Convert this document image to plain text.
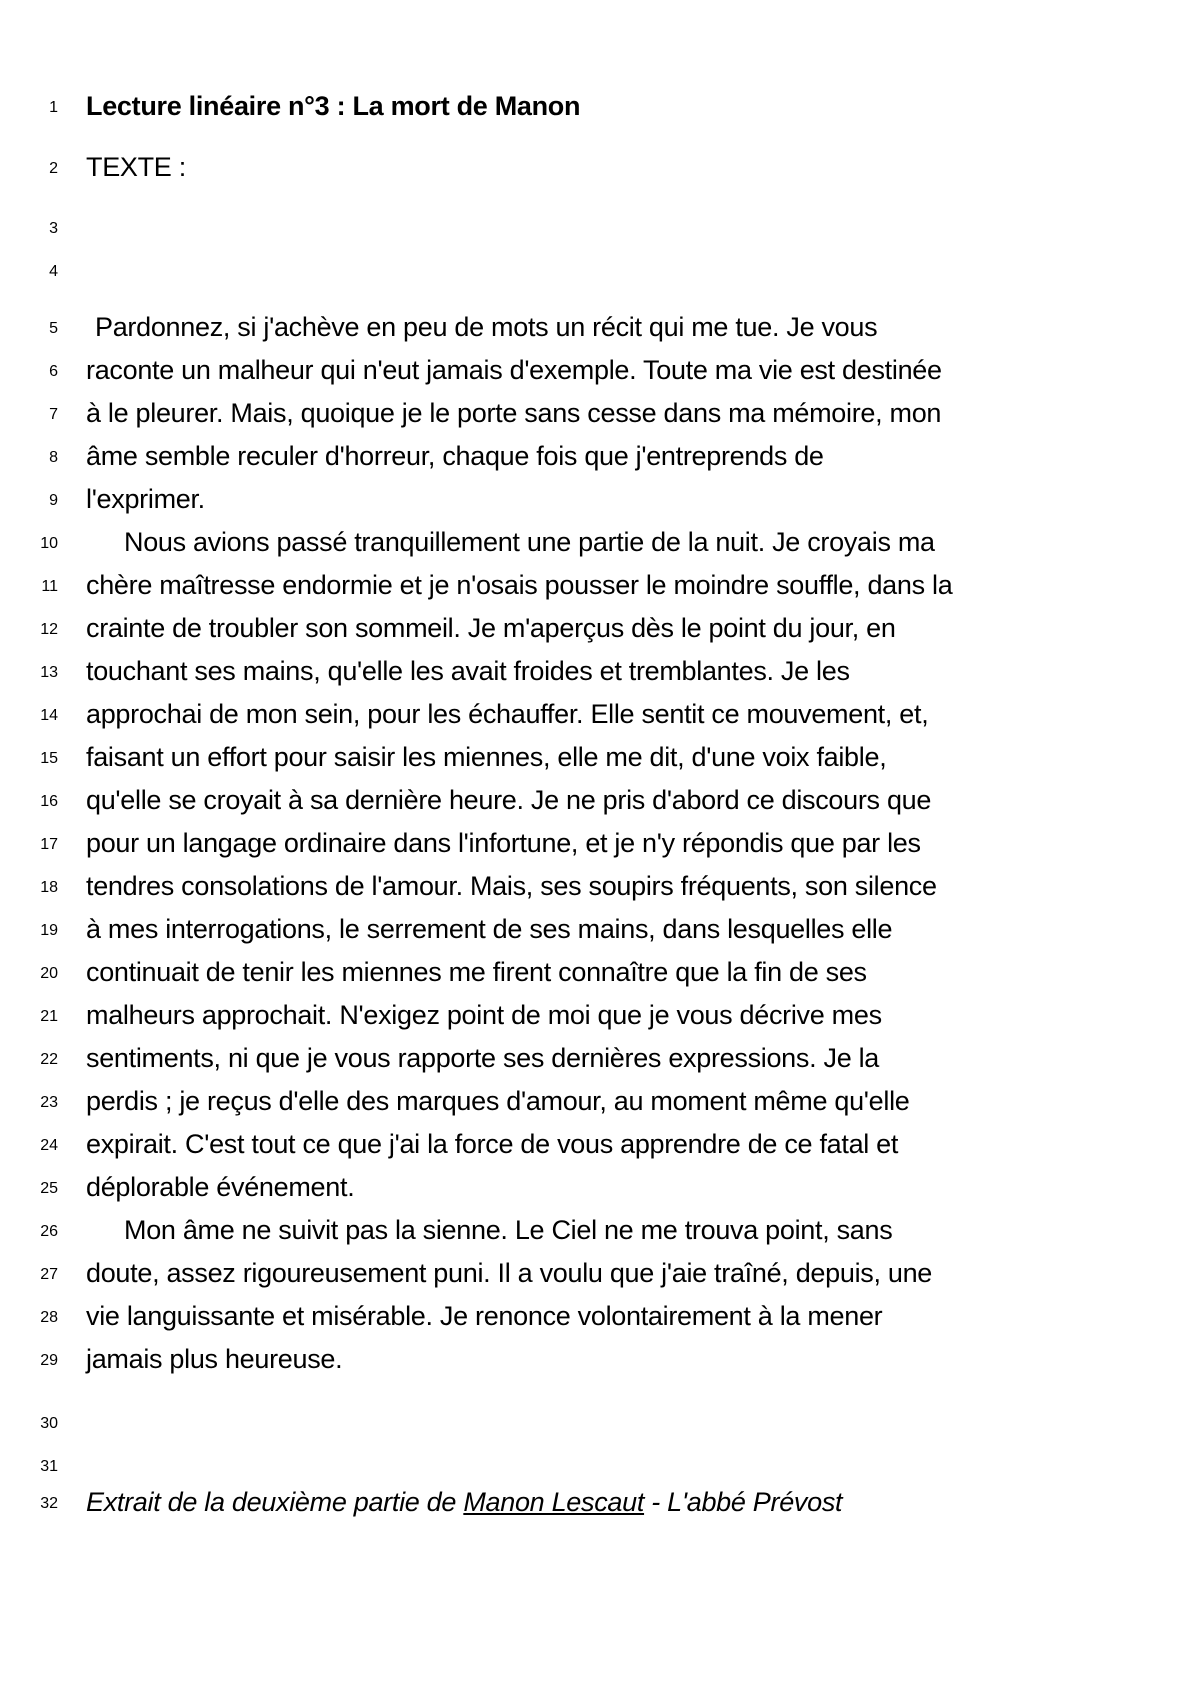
1 Lecture linéaire n°3 : La mort de Manon
2 TEXTE :
3
4
5 Pardonnez, si j'achève en peu de mots un récit qui me tue. Je vous
6 raconte un malheur qui n'eut jamais d'exemple. Toute ma vie est destinée
7 à le pleurer. Mais, quoique je le porte sans cesse dans ma mémoire, mon
8 âme semble reculer d'horreur, chaque fois que j'entreprends de
9 l'exprimer.
10 Nous avions passé tranquillement une partie de la nuit. Je croyais ma
11 chère maîtresse endormie et je n'osais pousser le moindre souffle, dans la
12 crainte de troubler son sommeil. Je m'aperçus dès le point du jour, en
13 touchant ses mains, qu'elle les avait froides et tremblantes. Je les
14 approchai de mon sein, pour les échauffer. Elle sentit ce mouvement, et,
15 faisant un effort pour saisir les miennes, elle me dit, d'une voix faible,
16 qu'elle se croyait à sa dernière heure. Je ne pris d'abord ce discours que
17 pour un langage ordinaire dans l'infortune, et je n'y répondis que par les
18 tendres consolations de l'amour. Mais, ses soupirs fréquents, son silence
19 à mes interrogations, le serrement de ses mains, dans lesquelles elle
20 continuait de tenir les miennes me firent connaître que la fin de ses
21 malheurs approchait. N'exigez point de moi que je vous décrive mes
22 sentiments, ni que je vous rapporte ses dernières expressions. Je la
23 perdis ; je reçus d'elle des marques d'amour, au moment même qu'elle
24 expirait. C'est tout ce que j'ai la force de vous apprendre de ce fatal et
25 déplorable événement.
26 Mon âme ne suivit pas la sienne. Le Ciel ne me trouva point, sans
27 doute, assez rigoureusement puni. Il a voulu que j'aie traîné, depuis, une
28 vie languissante et misérable. Je renonce volontairement à la mener
29 jamais plus heureuse.
30
31
32 Extrait de la deuxième partie de Manon Lescaut - L'abbé Prévost
